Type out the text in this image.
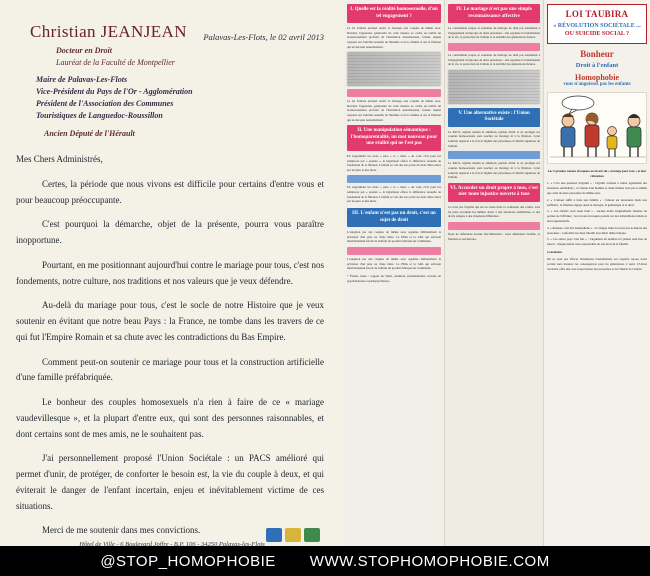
Palavas-Les-Flots, le 02 avril 2013
Christian JEANJEAN
Docteur en Droit
Lauréat de la Faculté de Montpellier
Maire de Palavas-Les-Flots
Vice-Président du Pays de l'Or - Agglomération
Président de l'Association des Communes
Touristiques de Languedoc-Roussillon
Ancien Député de l'Hérault

Mes Chers Administrés,

Certes, la période que nous vivons est difficile pour certains d'entre vous et pour beaucoup préoccupante.

C'est pourquoi la démarche, objet de la présente, pourra vous paraître inopportune.

Pourtant, en me positionnant aujourd'hui contre le mariage pour tous, c'est nos fondements, notre culture, nos traditions et nos valeurs que je veux défendre.

Au-delà du mariage pour tous, c'est le socle de notre Histoire que je veux soutenir en évitant que notre beau Pays : la France, ne tombe dans les travers de ce qui fut l'Empire Romain et sa chute avec les contradictions du Bas Empire.

Comment peut-on soutenir ce mariage pour tous et la construction artificielle d'une famille préfabriquée.

Le bonheur des couples homosexuels n'a rien à faire de ce « mariage vaudevillesque », et la plupart d'entre eux, qui sont des personnes raisonnables, et dont certains sont de mes amis, ne le souhaitent pas.

J'ai personnellement proposé l'Union Sociétale : un PACS amélioré qui permet d'unir, de protéger, de conforter le besoin est, la vie du couple à deux, et qui éviterait le danger de l'enfant incertain, enjeu et inévitablement victime de ces situations.

Merci de me soutenir dans mes convictions.

Hôtel de Ville - 6 Boulevard Joffre - B.P. 106 - 34250 Palavas-les-Flots
I. Quelle est la réalité homosexuelle, d'un tel engagement ?
La loi Taubira prétend ouvrir le mariage aux couples de même sexe. Derrière l'apparente générosité de cette mesure se cache en réalité un bouleversement profond de l'institution matrimoniale, fondée depuis toujours sur l'altérité sexuelle de l'homme et de la femme et sur la filiation qui en découle naturellement.
La loi Taubira prétend ouvrir le mariage aux couples de même sexe. Derrière l'apparente générosité de cette mesure se cache en réalité un bouleversement profond de l'institution matrimoniale, fondée depuis toujours sur l'altérité sexuelle de l'homme et de la femme et sur la filiation qui en découle naturellement.
II. Une manipulation sémantique : l'homoparentalité, un mot nouveau pour une réalité qui ne l'est pas
En supprimant les mots « père » et « mère » du code civil pour les remplacer par « parents », le législateur efface la différence sexuelle au fondement de la filiation. L'enfant se voit dès lors privé du droit d'être élevé par un père et une mère.
En supprimant les mots « père » et « mère » du code civil pour les remplacer par « parents », le législateur efface la différence sexuelle au fondement de la filiation. L'enfant se voit dès lors privé du droit d'être élevé par un père et une mère.
III. L'enfant n'est pas un droit, c'est un sujet de droit
L'adoption par des couples de même sexe organise délibérément la privation d'un père ou d'une mère. La PMA et la GPA qui suivront inévitablement feront de l'enfant un produit fabriqué sur commande.
L'adoption par des couples de même sexe organise délibérément la privation d'un père ou d'une mère. La PMA et la GPA qui suivront inévitablement feront de l'enfant un produit fabriqué sur commande.
* Études citées : rapport du Sénat, auditions parlementaires, travaux de psychanalystes et pédopsychiatres.
IV. Le mariage n'est pas une simple reconnaissance affective
La constitution propre et soutenue du mariage ne tient pas seulement à l'engagement réciproque de deux personnes : elle organise la transmission de la vie, la protection de l'enfant et la stabilité des générations futures.
La constitution propre et soutenue du mariage ne tient pas seulement à l'engagement réciproque de deux personnes : elle organise la transmission de la vie, la protection de l'enfant et la stabilité des générations futures.
V. Une alternative existe : l'Union Sociétale
Le PACS, régime étendu et amélioré, permet d'unir et de protéger les couples homosexuels sans toucher au mariage ni à la filiation. Cette solution respecte à la fois la dignité des personnes et l'intérêt supérieur de l'enfant.
Le PACS, régime étendu et amélioré, permet d'unir et de protéger les couples homosexuels sans toucher au mariage ni à la filiation. Cette solution respecte à la fois la dignité des personnes et l'intérêt supérieur de l'enfant.
VI. Accorder un droit propre à tous, c'est nier toute injustice ouverte à tous
Ce n'est pas l'égalité qui est en cause mais la confusion des ordres. Une loi juste reconnaît les mêmes droits à des situations semblables, et des droits adaptés à des situations différentes.
Nous ne défendons aucune discrimination : nous défendons l'enfant, sa filiation et son histoire.
LOI TAUBIRA
« RÉVOLUTION SOCIÉTALE ...
OU SUICIDE SOCIAL ?
Bonheur
Droit à l'enfant
Homophobie
vous n'angoissez pas les enfants
Les 5 grandes raisons invoquées en faveur du « mariage pour tous » et leur réfutation
1. « C'est une question d'égalité » : l'égalité consiste à traiter également des situations semblables ; or l'union d'un homme et d'une femme n'est pas la même que celle de deux personnes de même sexe.
2. « L'amour suffit à faire une famille » : l'amour est nécessaire mais non suffisant ; la filiation engage aussi la biologie, la généalogie et le droit.
3. « Les enfants vont aussi bien » : aucune étude longitudinale sérieuse ne permet de l'affirmer ; les travaux invoqués portent sur des échantillons réduits et non représentatifs.
4. « Refuser, c'est être homophobe » : la critique d'une loi n'est pas le mépris des personnes ; confondre les deux interdit tout débat démocratique.
5. « Les autres pays l'ont fait » : l'argument du nombre n'a jamais tenu lieu de raison ; chaque nation reste responsable de son droit de la famille.
Conclusion
On ne peut pas effacer l'institution fondamentale sur laquelle repose notre société sans mesurer les conséquences pour les générations à venir. L'Union Sociétale offre une voie respectueuse des personnes et de l'intérêt de l'enfant.
@STOP_HOMOPHOBIE WWW.STOPHOMOPHOBIE.COM
